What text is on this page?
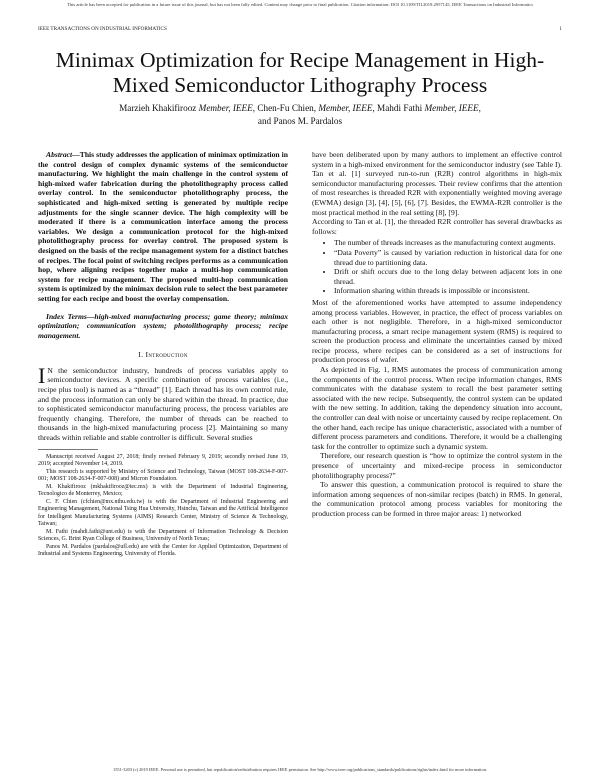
This article has been accepted for publication in a future issue of this journal, but has not been fully edited. Content may change prior to final publication. Citation information: DOI 10.1109/TII.2019.2957145, IEEE Transactions on Industrial Informatics
IEEE TRANSACTIONS ON INDUSTRIAL INFORMATICS	1
Minimax Optimization for Recipe Management in High-Mixed Semiconductor Lithography Process
Marzieh Khakifirooz Member, IEEE, Chen-Fu Chien, Member, IEEE, Mahdi Fathi Member, IEEE,
and Panos M. Pardalos

Abstract—This study addresses the application of minimax optimization in the control design of complex dynamic systems of the semiconductor manufacturing. We highlight the main challenge in the control system of high-mixed wafer fabrication during the photolithography process called overlay control. In the semiconductor photolithography process, the sophisticated and high-mixed setting is generated by multiple recipe adjustments for the single scanner device. The high complexity will be moderated if there is a communication interface among the process variables. We design a communication protocol for the high-mixed photolithography process for overlay control. The proposed system is designed on the basis of the recipe management system for a distinct batches of recipes. The focal point of switching recipes performs as a communication hop, where aligning recipes together make a multi-hop communication system for recipe management. The proposed multi-hop communication system is optimized by the minimax decision rule to select the best parameter setting for each recipe and boost the overlay compensation.

Index Terms—high-mixed manufacturing process; game theory; minimax optimization; communication system; photolithography process; recipe management.

I. Introduction

I N the semiconductor industry, hundreds of process variables apply to semiconductor devices. A specific combination of process variables (i.e., recipe plus tool) is named as a “thread” [1]. Each thread has its own control rule, and the process information can only be shared within the thread. In practice, due to sophisticated semiconductor manufacturing process, the process variables are frequently changing. Therefore, the number of threads can be reached to thousands in the high-mixed manufacturing process [2]. Maintaining so many threads within reliable and stable controller is difficult. Several studies

Manuscript received August 27, 2018; firstly revised February 9, 2019; secondly revised June 19, 2019; accepted November 14, 2019.

This research is supported by Ministry of Science and Technology, Taiwan (MOST 108-2634-F-007-001; MOST 108-2634-F-007-008) and Micron Foundation.

M. Khakifirooz (mkhakifirooz@tec.mx) is with the Department of Industrial Engineering, Tecnologico de Monterrey, Mexico;

C. F. Chien (cfchien@mx.nthu.edu.tw) is with the Department of Industrial Engineering and Engineering Management, National Tsing Hua University, Hsinchu, Taiwan and the Artificial Intelligence for Intelligent Manufacturing Systems (AIMS) Research Center, Ministry of Science & Technology, Taiwan;

M. Fathi (mahdi.fathi@unt.edu) is with the Department of Information Technology & Decision Sciences, G. Brint Ryan College of Business, University of North Texas;

Panos M. Pardalos (pardalos@ufl.edu) are with the Center for Applied Optimization, Department of Industrial and Systems Engineering, University of Florida.

have been deliberated upon by many authors to implement an effective control system in a high-mixed environment for the semiconductor industry (see Table I). Tan et al. [1] surveyed run-to-run (R2R) control algorithms in high-mix semiconductor manufacturing processes. Their review confirms that the attention of most researches is threaded R2R with exponentially weighted moving average (EWMA) design [3], [4], [5], [6], [7]. Besides, the EWMA-R2R controller is the most practical method in the real setting [8], [9].

According to Tan et al. [1], the threaded R2R controller has several drawbacks as follows:

• The number of threads increases as the manufacturing context augments.
• “Data Poverty” is caused by variation reduction in historical data for one thread due to partitioning data.
• Drift or shift occurs due to the long delay between adjacent lots in one thread.
• Information sharing within threads is impossible or inconsistent.

Most of the aforementioned works have attempted to assume independency among process variables. However, in practice, the effect of process variables on each other is not negligible. Therefore, in a high-mixed semiconductor manufacturing process, a smart recipe management system (RMS) is required to screen the production process and eliminate the uncertainties caused by mixed recipe process, where recipes can be considered as a set of instructions for production process of wafer.

As depicted in Fig. 1, RMS automates the process of communication among the components of the control process. When recipe information changes, RMS communicates with the database system to recall the best parameter setting associated with the new recipe. Subsequently, the control system can be updated with the new setting. In addition, taking the dependency situation into account, the controller can deal with noise or uncertainty caused by recipe replacement. On the other hand, each recipe has unique characteristic, associated with a number of different process parameters and conditions. Therefore, it would be a challenging task for the controller to optimize such a dynamic system.

Therefore, our research question is “how to optimize the control system in the presence of uncertainty and mixed-recipe process in semiconductor photolithography process?”

To answer this question, a communication protocol is required to share the information among sequences of non-similar recipes (batch) in RMS. In general, the communication protocol among process variables for monitoring the production process can be formed in three major areas: 1) networked

1551-3203 (c) 2019 IEEE. Personal use is permitted, but republication/redistribution requires IEEE permission. See http://www.ieee.org/publications_standards/publications/rights/index.html for more information.
